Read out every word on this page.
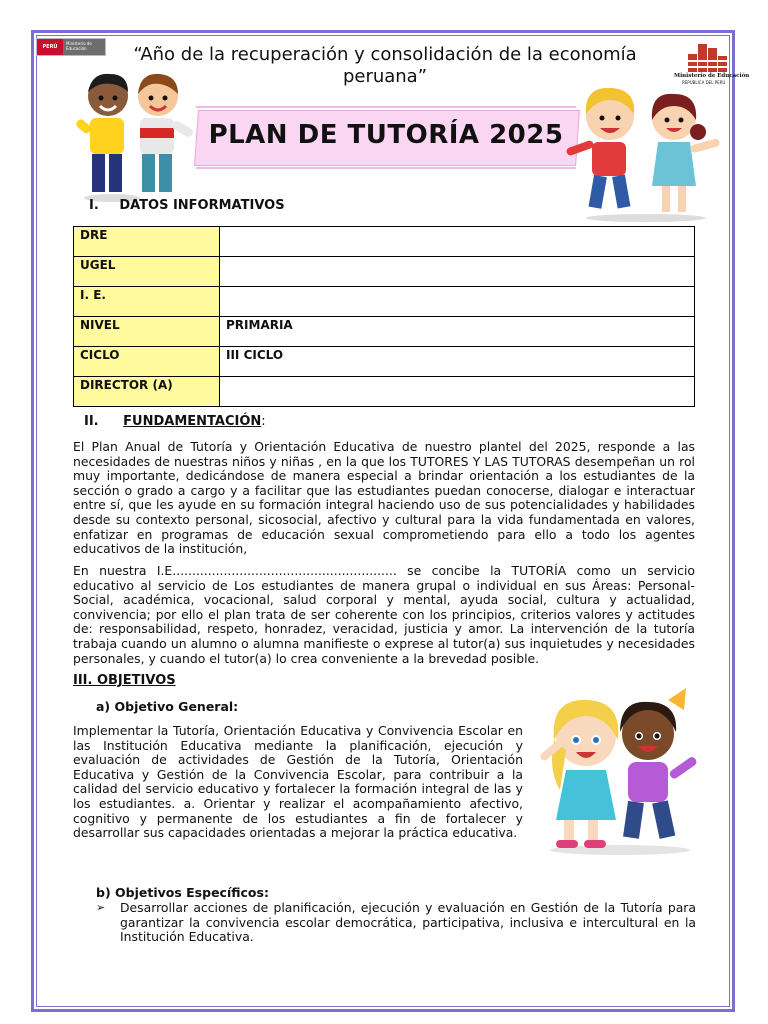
PERÚ
Ministerio de Educación
Ministerio de Educación
REPÚBLICA DEL PERÚ
“Año de la recuperación y consolidación de la economía peruana”
PLAN DE TUTORÍA 2025
I. DATOS INFORMATIVOS
DRE	
UGEL	
I. E.	
NIVEL	PRIMARIA
CICLO	III CICLO
DIRECTOR (A)	
II. FUNDAMENTACIÓN:
El Plan Anual de Tutoría y Orientación Educativa de nuestro plantel del 2025, responde a las necesidades de nuestras niños y niñas , en la que los TUTORES Y LAS TUTORAS desempeñan un rol muy importante, dedicándose de manera especial a brindar orientación a los estudiantes de la sección o grado a cargo y a facilitar que las estudiantes puedan conocerse, dialogar e interactuar entre sí, que les ayude en su formación integral haciendo uso de sus potencialidades y habilidades desde su contexto personal, sicosocial, afectivo y cultural para la vida fundamentada en valores, enfatizar en programas de educación sexual comprometiendo para ello a todo los agentes educativos de la institución,
En nuestra I.E......................................................... se concibe la TUTORÍA como un servicio educativo al servicio de Los estudiantes de manera grupal o individual en sus Áreas: Personal-Social, académica, vocacional, salud corporal y mental, ayuda social, cultura y actualidad, convivencia; por ello el plan trata de ser coherente con los principios, criterios valores y actitudes de: responsabilidad, respeto, honradez, veracidad, justicia y amor. La intervención de la tutoría trabaja cuando un alumno o alumna manifieste o exprese al tutor(a) sus inquietudes y necesidades personales, y cuando el tutor(a) lo crea conveniente a la brevedad posible.
III. OBJETIVOS
a) Objetivo General:
Implementar la Tutoría, Orientación Educativa y Convivencia Escolar en las Institución Educativa mediante la planificación, ejecución y evaluación de actividades de Gestión de la Tutoría, Orientación Educativa y Gestión de la Convivencia Escolar, para contribuir a la calidad del servicio educativo y fortalecer la formación integral de las y los estudiantes. a. Orientar y realizar el acompañamiento afectivo, cognitivo y permanente de los estudiantes a fin de fortalecer y desarrollar sus capacidades orientadas a mejorar la práctica educativa.
b) Objetivos Específicos:
➢	Desarrollar acciones de planificación, ejecución y evaluación en Gestión de la Tutoría para garantizar la convivencia escolar democrática, participativa, inclusiva e intercultural en la Institución Educativa.
